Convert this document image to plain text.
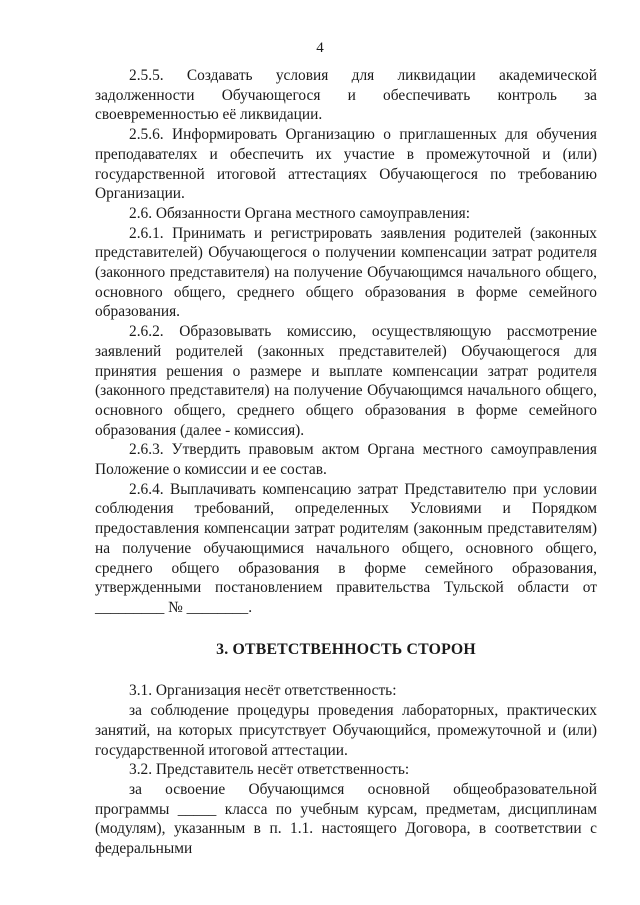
4

2.5.5. Создавать условия для ликвидации академической задолженности Обучающегося и обеспечивать контроль за своевременностью её ликвидации.

2.5.6. Информировать Организацию о приглашенных для обучения преподавателях и обеспечить их участие в промежуточной и (или) государственной итоговой аттестациях Обучающегося по требованию Организации.

2.6. Обязанности Органа местного самоуправления:

2.6.1. Принимать и регистрировать заявления родителей (законных представителей) Обучающегося о получении компенсации затрат родителя (законного представителя) на получение Обучающимся начального общего, основного общего, среднего общего образования в форме семейного образования.

2.6.2. Образовывать комиссию, осуществляющую рассмотрение заявлений родителей (законных представителей) Обучающегося для принятия решения о размере и выплате компенсации затрат родителя (законного представителя) на получение Обучающимся начального общего, основного общего, среднего общего образования в форме семейного образования (далее - комиссия).

2.6.3. Утвердить правовым актом Органа местного самоуправления Положение о комиссии и ее состав.

2.6.4. Выплачивать компенсацию затрат Представителю при условии соблюдения требований, определенных Условиями и Порядком предоставления компенсации затрат родителям (законным представителям) на получение обучающимися начального общего, основного общего, среднего общего образования в форме семейного образования, утвержденными постановлением правительства Тульской области от _________ № ________.

3. ОТВЕТСТВЕННОСТЬ СТОРОН

3.1. Организация несёт ответственность:

за соблюдение процедуры проведения лабораторных, практических занятий, на которых присутствует Обучающийся, промежуточной и (или) государственной итоговой аттестации.

3.2. Представитель несёт ответственность:

за освоение Обучающимся основной общеобразовательной программы _____ класса по учебным курсам, предметам, дисциплинам (модулям), указанным в п. 1.1. настоящего Договора, в соответствии с федеральными
